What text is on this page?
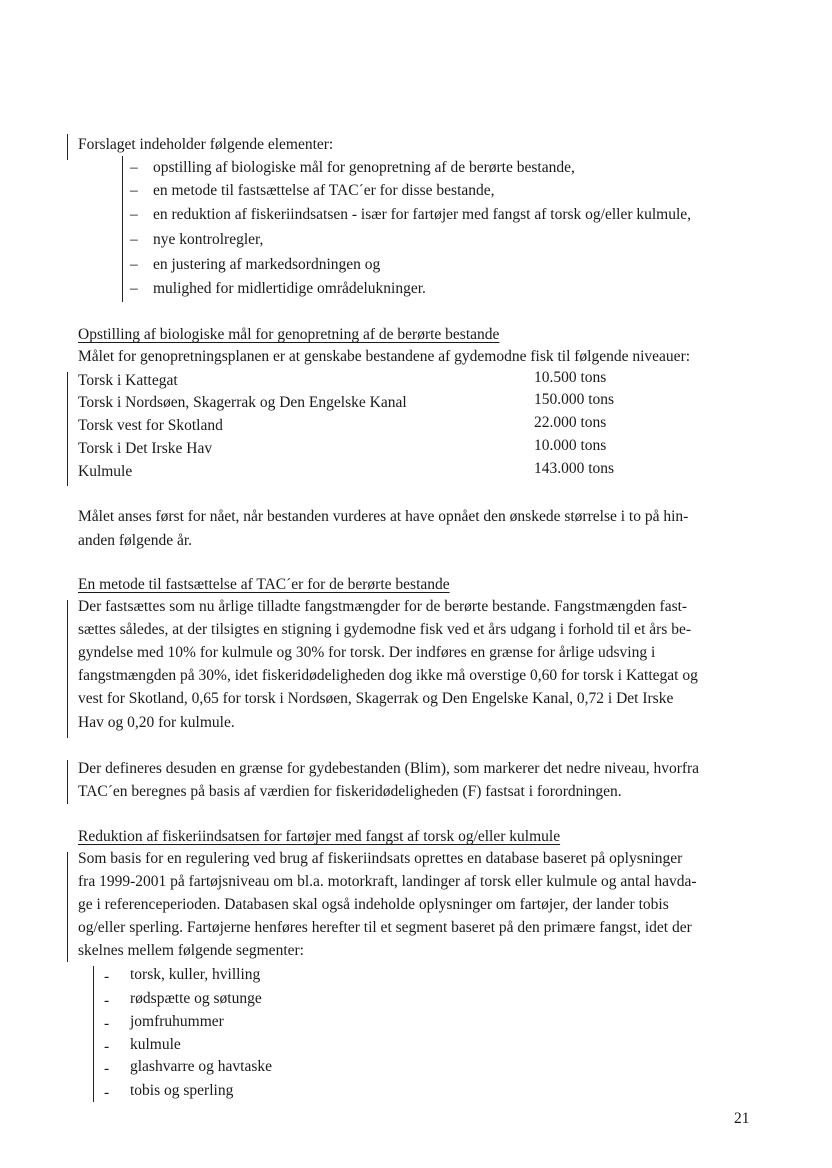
Forslaget indeholder følgende elementer:
– opstilling af biologiske mål for genopretning af de berørte bestande,
– en metode til fastsættelse af TAC´er for disse bestande,
– en reduktion af fiskeriindsatsen - især for fartøjer med fangst af torsk og/eller kulmule,
– nye kontrolregler,
– en justering af markedsordningen og
– mulighed for midlertidige områdelukninger.
Opstilling af biologiske mål for genopretning af de berørte bestande
Målet for genopretningsplanen er at genskabe bestandene af gydemodne fisk til følgende niveauer:
Torsk i Kattegat	10.500 tons
Torsk i Nordsøen, Skagerrak og Den Engelske Kanal	150.000 tons
Torsk vest for Skotland	22.000 tons
Torsk i Det Irske Hav	10.000 tons
Kulmule	143.000 tons
Målet anses først for nået, når bestanden vurderes at have opnået den ønskede størrelse i to på hin-
anden følgende år.
En metode til fastsættelse af TAC´er for de berørte bestande
Der fastsættes som nu årlige tilladte fangstmængder for de berørte bestande. Fangstmængden fast-
sættes således, at der tilsigtes en stigning i gydemodne fisk ved et års udgang i forhold til et års be-
gyndelse med 10% for kulmule og 30% for torsk. Der indføres en grænse for årlige udsving i
fangstmængden på 30%, idet fiskeridødeligheden dog ikke må overstige 0,60 for torsk i Kattegat og
vest for Skotland, 0,65 for torsk i Nordsøen, Skagerrak og Den Engelske Kanal, 0,72 i Det Irske
Hav og 0,20 for kulmule.
Der defineres desuden en grænse for gydebestanden (Blim), som markerer det nedre niveau, hvorfra
TAC´en beregnes på basis af værdien for fiskeridødeligheden (F) fastsat i forordningen.
Reduktion af fiskeriindsatsen for fartøjer med fangst af torsk og/eller kulmule
Som basis for en regulering ved brug af fiskeriindsats oprettes en database baseret på oplysninger
fra 1999-2001 på fartøjsniveau om bl.a. motorkraft, landinger af torsk eller kulmule og antal havda-
ge i referenceperioden. Databasen skal også indeholde oplysninger om fartøjer, der lander tobis
og/eller sperling. Fartøjerne henføres herefter til et segment baseret på den primære fangst, idet der
skelnes mellem følgende segmenter:
- torsk, kuller, hvilling
- rødspætte og søtunge
- jomfruhummer
- kulmule
- glashvarre og havtaske
- tobis og sperling
21
